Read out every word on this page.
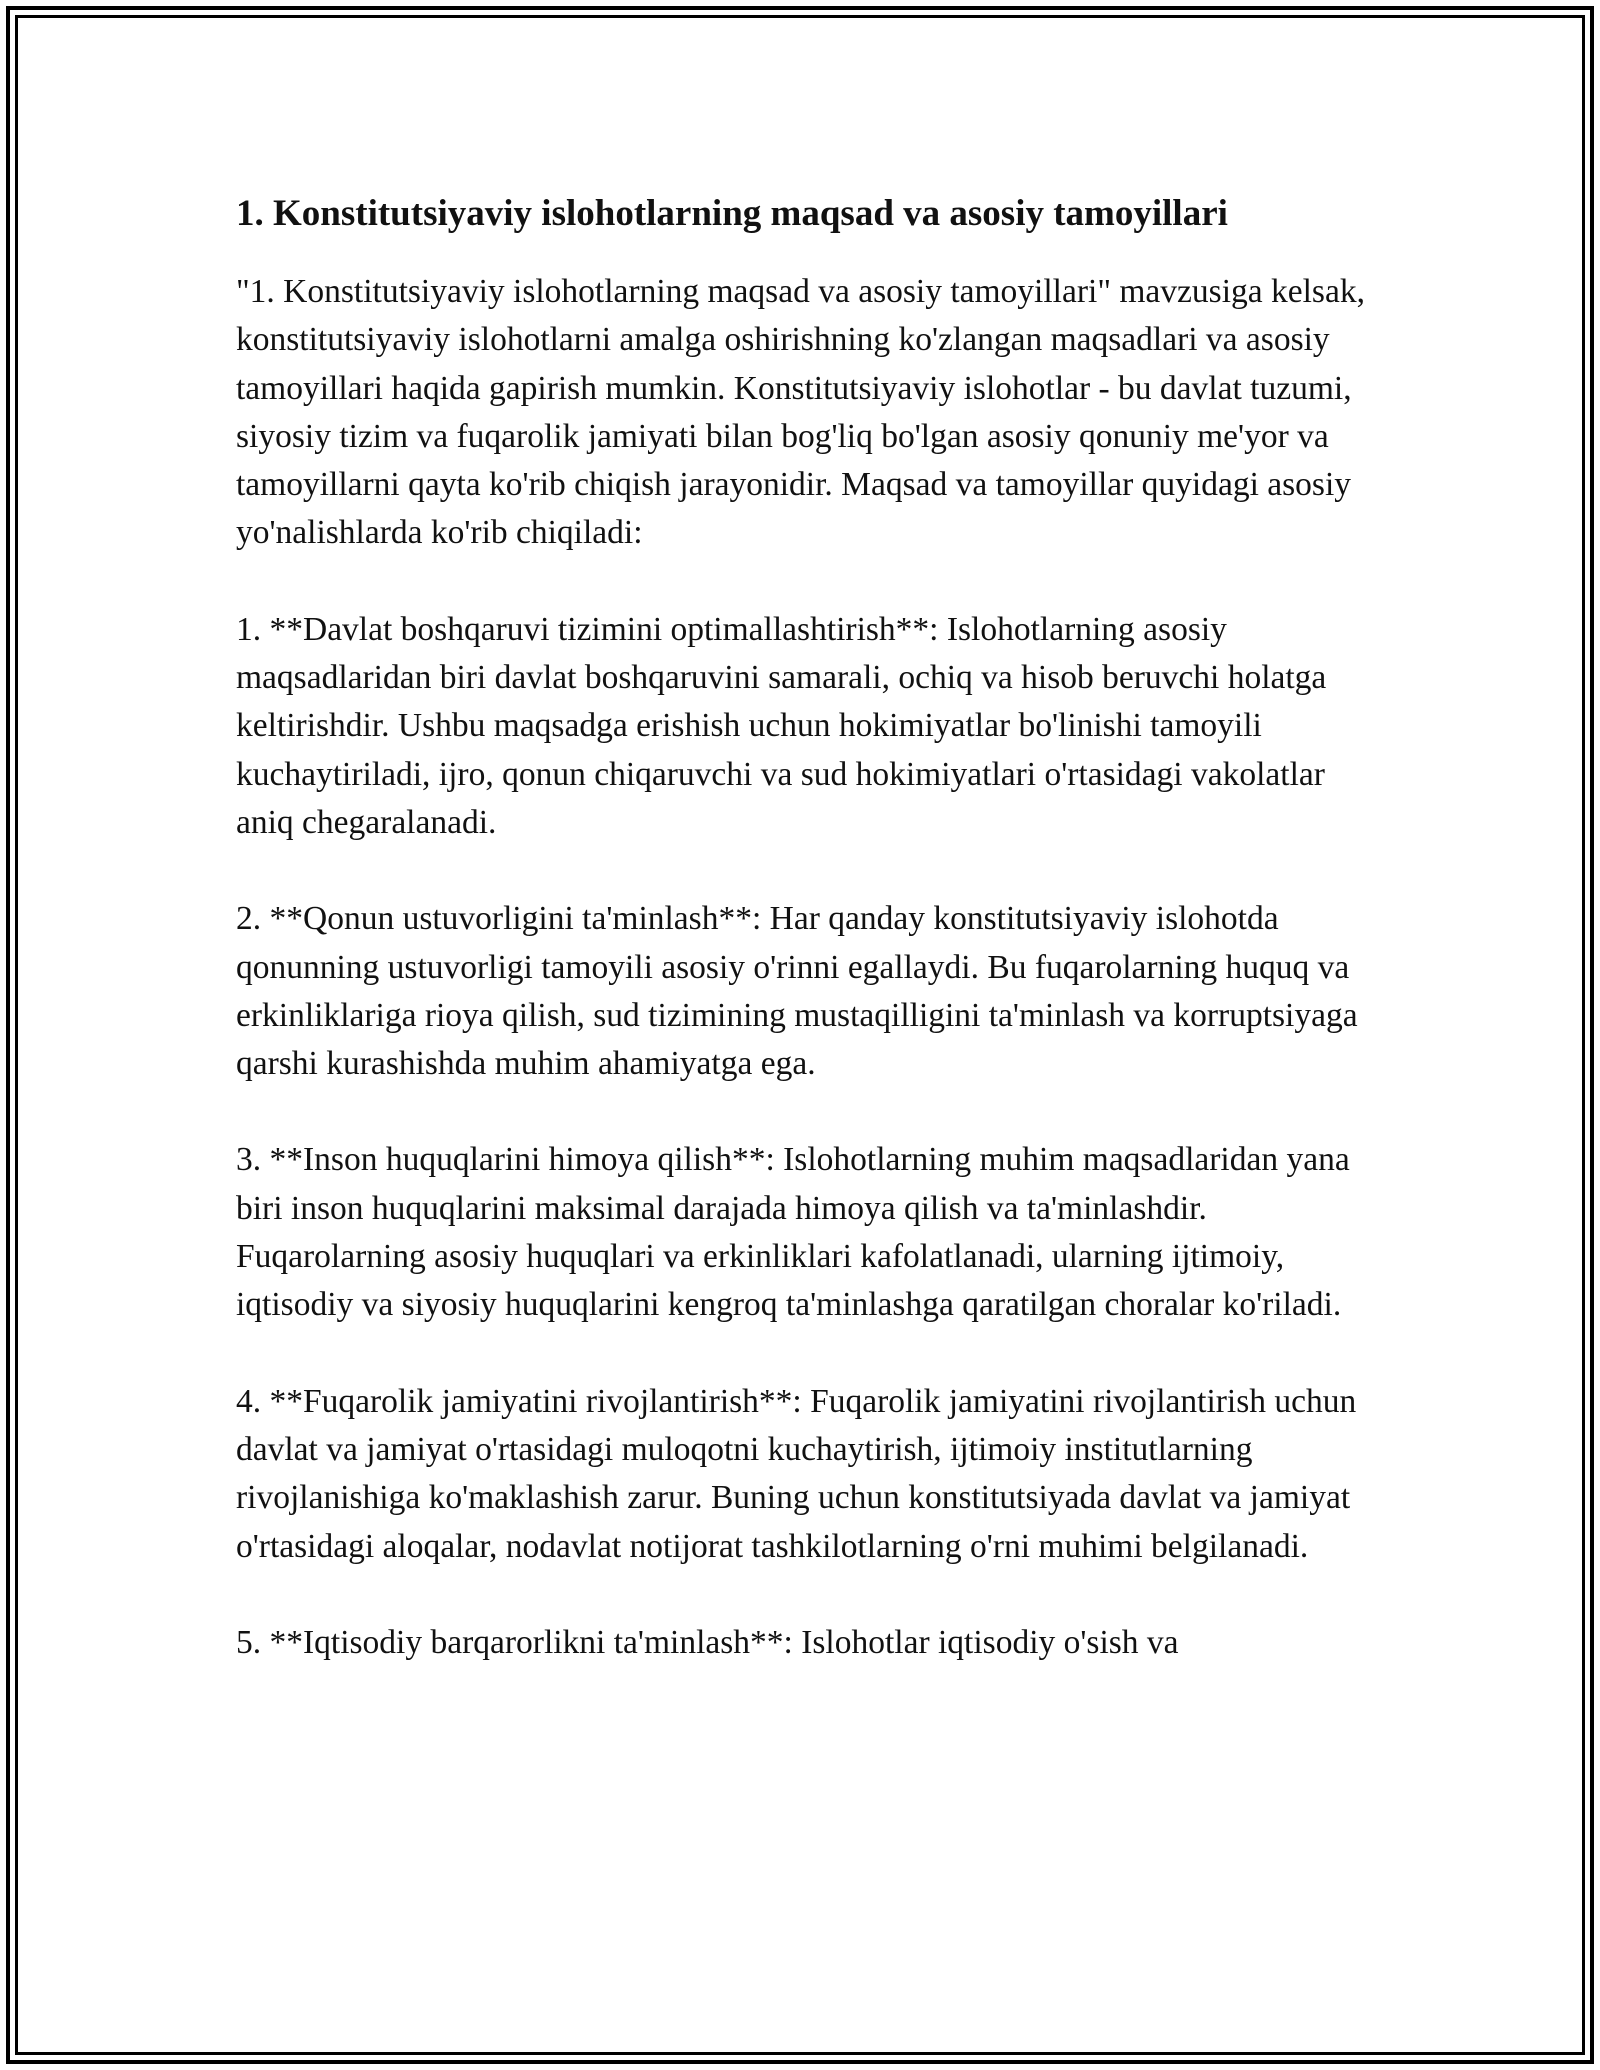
1. Konstitutsiyaviy islohotlarning maqsad va asosiy tamoyillari

"1. Konstitutsiyaviy islohotlarning maqsad va asosiy tamoyillari" mavzusiga kelsak, konstitutsiyaviy islohotlarni amalga oshirishning ko'zlangan maqsadlari va asosiy tamoyillari haqida gapirish mumkin. Konstitutsiyaviy islohotlar - bu davlat tuzumi, siyosiy tizim va fuqarolik jamiyati bilan bog'liq bo'lgan asosiy qonuniy me'yor va tamoyillarni qayta ko'rib chiqish jarayonidir. Maqsad va tamoyillar quyidagi asosiy yo'nalishlarda ko'rib chiqiladi:

1. **Davlat boshqaruvi tizimini optimallashtirish**: Islohotlarning asosiy maqsadlaridan biri davlat boshqaruvini samarali, ochiq va hisob beruvchi holatga keltirishdir. Ushbu maqsadga erishish uchun hokimiyatlar bo'linishi tamoyili kuchaytiriladi, ijro, qonun chiqaruvchi va sud hokimiyatlari o'rtasidagi vakolatlar aniq chegaralanadi.

2. **Qonun ustuvorligini ta'minlash**: Har qanday konstitutsiyaviy islohotda qonunning ustuvorligi tamoyili asosiy o'rinni egallaydi. Bu fuqarolarning huquq va erkinliklariga rioya qilish, sud tizimining mustaqilligini ta'minlash va korruptsiyaga qarshi kurashishda muhim ahamiyatga ega.

3. **Inson huquqlarini himoya qilish**: Islohotlarning muhim maqsadlaridan yana biri inson huquqlarini maksimal darajada himoya qilish va ta'minlashdir. Fuqarolarning asosiy huquqlari va erkinliklari kafolatlanadi, ularning ijtimoiy, iqtisodiy va siyosiy huquqlarini kengroq ta'minlashga qaratilgan choralar ko'riladi.

4. **Fuqarolik jamiyatini rivojlantirish**: Fuqarolik jamiyatini rivojlantirish uchun davlat va jamiyat o'rtasidagi muloqotni kuchaytirish, ijtimoiy institutlarning rivojlanishiga ko'maklashish zarur. Buning uchun konstitutsiyada davlat va jamiyat o'rtasidagi aloqalar, nodavlat notijorat tashkilotlarning o'rni muhimi belgilanadi.

5. **Iqtisodiy barqarorlikni ta'minlash**: Islohotlar iqtisodiy o'sish va
